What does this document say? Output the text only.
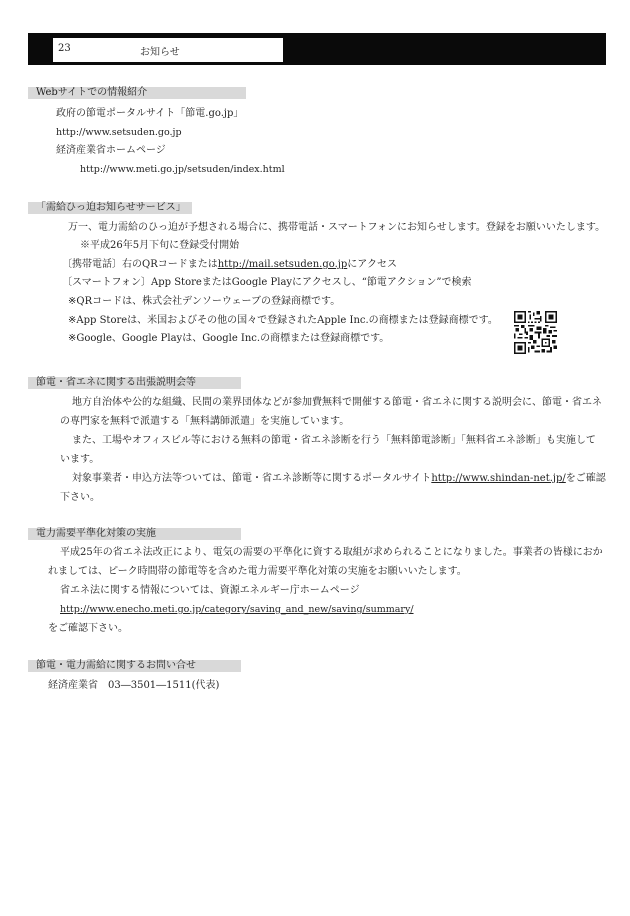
23	お知らせ
Webサイトでの情報紹介
政府の節電ポータルサイト「節電.go.jp」
http://www.setsuden.go.jp
経済産業省ホームページ
http://www.meti.go.jp/setsuden/index.html
「需給ひっ迫お知らせサービス」
万一、電力需給のひっ迫が予想される場合に、携帯電話・スマートフォンにお知らせします。登録をお願いいたします。
※平成26年5月下旬に登録受付開始
〔携帯電話〕右のQRコードまたはhttp://mail.setsuden.go.jpにアクセス
〔スマートフォン〕App StoreまたはGoogle Playにアクセスし、“節電アクション”で検索
※QRコードは、株式会社デンソーウェーブの登録商標です。
※App Storeは、米国およびその他の国々で登録されたApple Inc.の商標または登録商標です。
※Google、Google Playは、Google Inc.の商標または登録商標です。
節電・省エネに関する出張説明会等
地方自治体や公的な組織、民間の業界団体などが参加費無料で開催する節電・省エネに関する説明会に、節電・省エネ
の専門家を無料で派遣する「無料講師派遣」を実施しています。
また、工場やオフィスビル等における無料の節電・省エネ診断を行う「無料節電診断」「無料省エネ診断」も実施して
います。
対象事業者・申込方法等ついては、節電・省エネ診断等に関するポータルサイトhttp://www.shindan-net.jp/をご確認
下さい。
電力需要平準化対策の実施
平成25年の省エネ法改正により、電気の需要の平準化に資する取組が求められることになりました。事業者の皆様におか
れましては、ピーク時間帯の節電等を含めた電力需要平準化対策の実施をお願いいたします。
省エネ法に関する情報については、資源エネルギー庁ホームページ
http://www.enecho.meti.go.jp/category/saving_and_new/saving/summary/
をご確認下さい。
節電・電力需給に関するお問い合せ
経済産業省　03―3501―1511(代表)
